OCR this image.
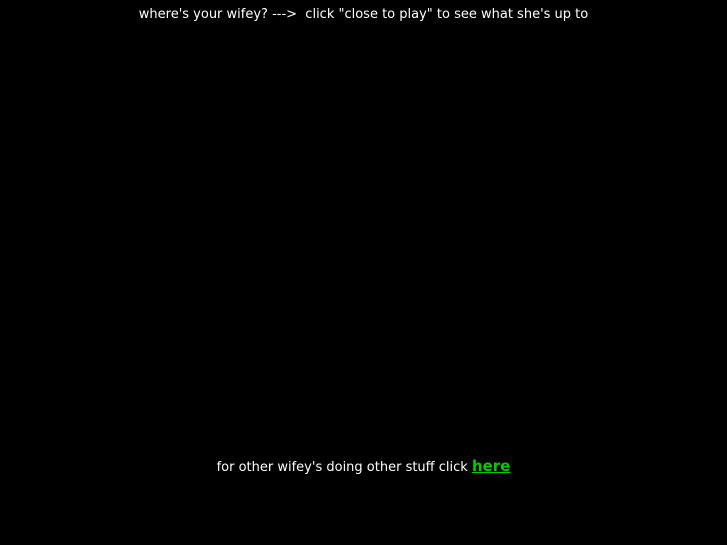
where's your wifey? --->  click "close to play" to see what she's up to
for other wifey's doing other stuff click here
